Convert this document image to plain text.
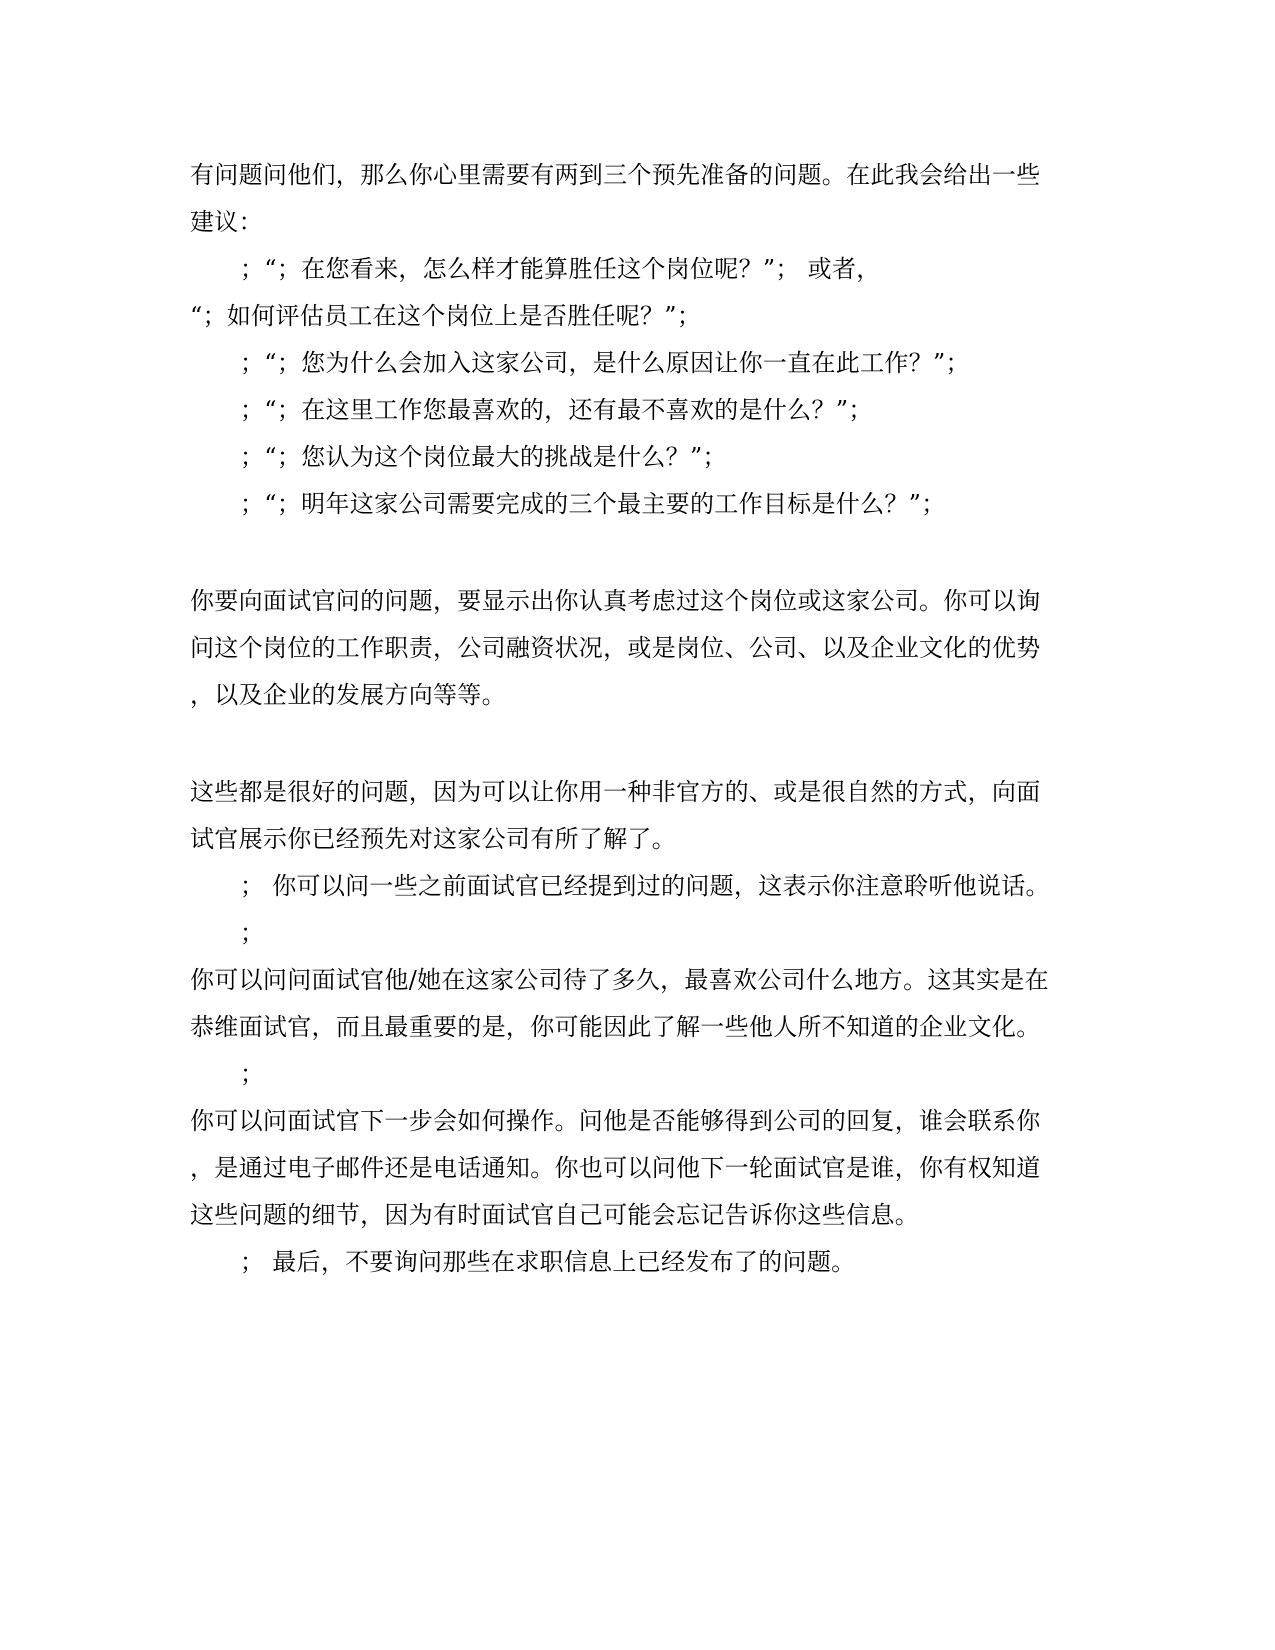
有问题问他们，那么你心里需要有两到三个预先准备的问题。在此我会给出一些
建议：
；“；在您看来，怎么样才能算胜任这个岗位呢？”； 或者，
“；如何评估员工在这个岗位上是否胜任呢？”；
；“；您为什么会加入这家公司，是什么原因让你一直在此工作？”；
；“；在这里工作您最喜欢的，还有最不喜欢的是什么？”；
；“；您认为这个岗位最大的挑战是什么？”；
；“；明年这家公司需要完成的三个最主要的工作目标是什么？”；
你要向面试官问的问题，要显示出你认真考虑过这个岗位或这家公司。你可以询
问这个岗位的工作职责，公司融资状况，或是岗位、公司、以及企业文化的优势
，以及企业的发展方向等等。
这些都是很好的问题，因为可以让你用一种非官方的、或是很自然的方式，向面
试官展示你已经预先对这家公司有所了解了。
； 你可以问一些之前面试官已经提到过的问题，这表示你注意聆听他说话。
；
你可以问问面试官他/她在这家公司待了多久，最喜欢公司什么地方。这其实是在
恭维面试官，而且最重要的是，你可能因此了解一些他人所不知道的企业文化。
；
你可以问面试官下一步会如何操作。问他是否能够得到公司的回复，谁会联系你
，是通过电子邮件还是电话通知。你也可以问他下一轮面试官是谁，你有权知道
这些问题的细节，因为有时面试官自己可能会忘记告诉你这些信息。
； 最后，不要询问那些在求职信息上已经发布了的问题。
